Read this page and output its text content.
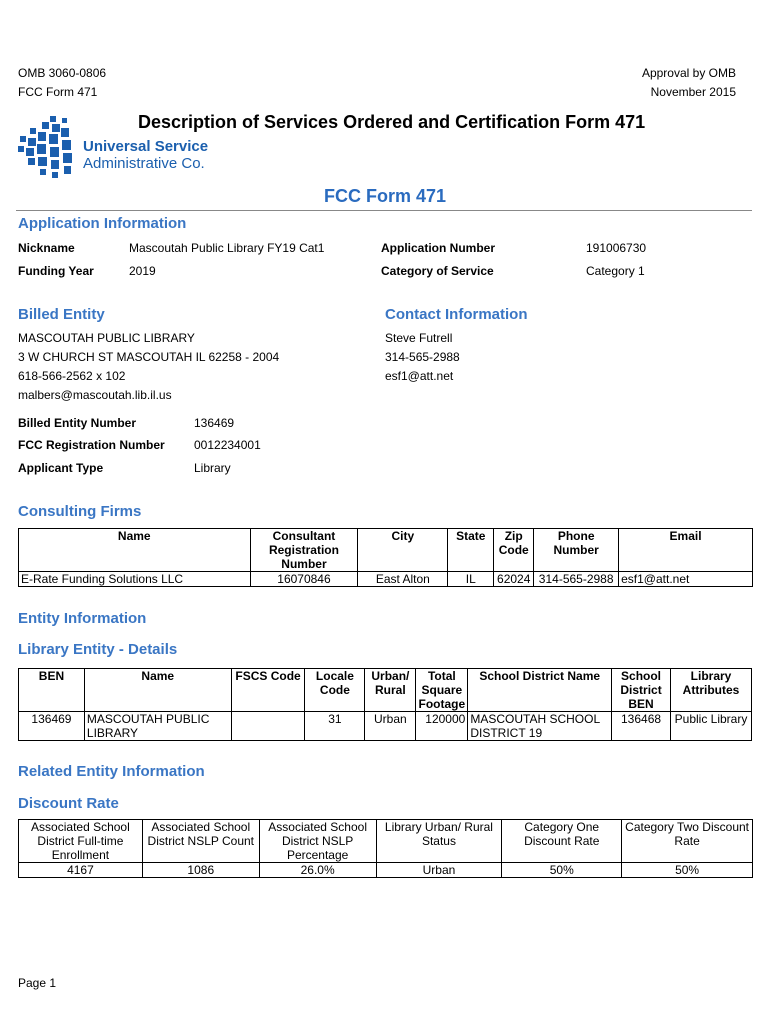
OMB 3060-0806
FCC Form 471
Approval by OMB
November 2015
Universal Service
Administrative Co.
Description of Services Ordered and Certification Form 471
FCC Form 471
Application Information
Nickname	Mascoutah Public Library FY19 Cat1
Funding Year	2019
Application Number	191006730
Category of Service	Category 1
Billed Entity
MASCOUTAH PUBLIC LIBRARY
3 W CHURCH ST MASCOUTAH IL 62258 - 2004
618-566-2562 x 102
malbers@mascoutah.lib.il.us
Contact Information
Steve Futrell
314-565-2988
esf1@att.net
Billed Entity Number	136469
FCC Registration Number 0012234001
Applicant Type	Library
Consulting Firms
Name	Consultant Registration Number	City	State	Zip Code	Phone Number	Email
E-Rate Funding Solutions LLC	16070846	East Alton	IL	62024	314-565-2988	esf1@att.net
Entity Information
Library Entity - Details
BEN	Name	FSCS Code	Locale Code	Urban/ Rural	Total Square Footage	School District Name	School District BEN	Library Attributes
136469	MASCOUTAH PUBLIC LIBRARY		31	Urban	120000	MASCOUTAH SCHOOL DISTRICT 19	136468	Public Library
Related Entity Information
Discount Rate
Associated School District Full-time Enrollment	Associated School District NSLP Count	Associated School District NSLP Percentage	Library Urban/ Rural Status	Category One Discount Rate	Category Two Discount Rate
4167	1086	26.0%	Urban	50%	50%
Page 1
